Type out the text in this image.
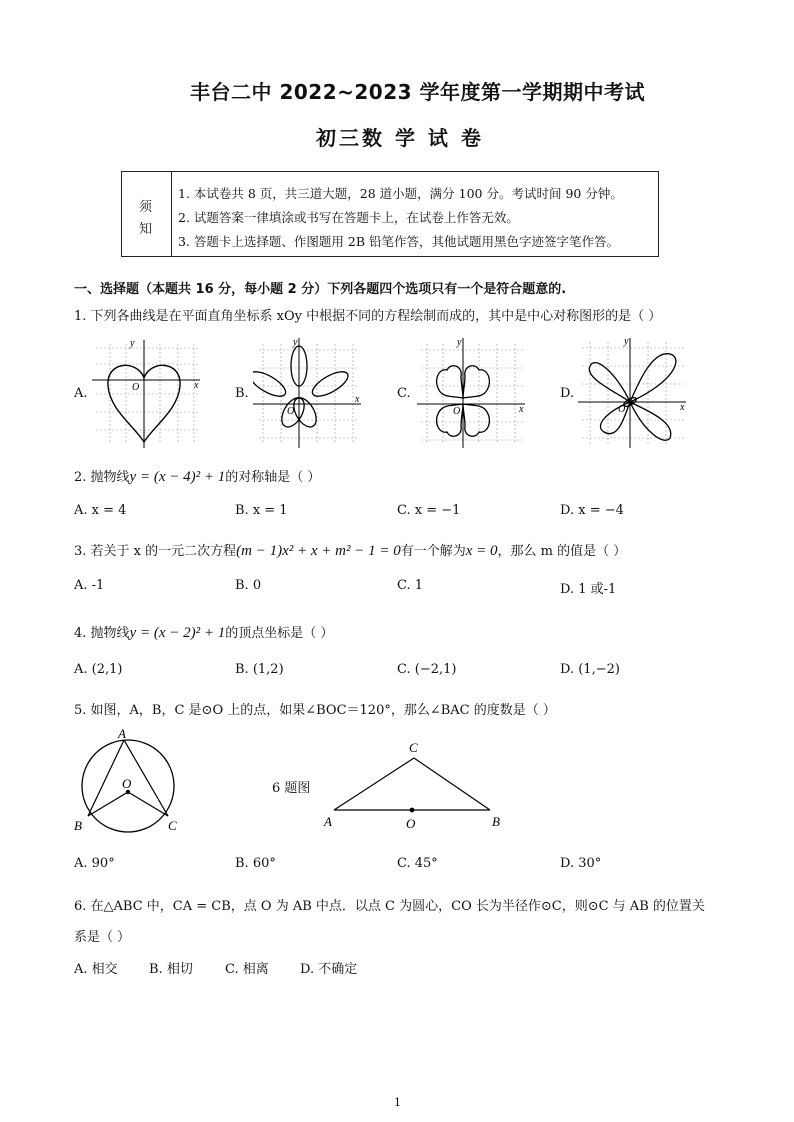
丰台二中 2022~2023 学年度第一学期期中考试
初三数 学 试 卷
须
知
1. 本试卷共 8 页，共三道大题，28 道小题，满分 100 分。考试时间 90 分钟。
2. 试题答案一律填涂或书写在答题卡上，在试卷上作答无效。
3. 答题卡上选择题、作图题用 2B 铅笔作答，其他试题用黑色字迹签字笔作答。
一、选择题（本题共 16 分，每小题 2 分）下列各题四个选项只有一个是符合题意的.
1. 下列各曲线是在平面直角坐标系 xOy 中根据不同的方程绘制而成的，其中是中心对称图形的是（ ）
A.	B.	C.	D.
y
x
O
y
x
O
y
x
O
y
x
O
2. 抛物线y = (x − 4)² + 1的对称轴是（ ）
A. x = 4	B. x = 1	C. x = −1	D. x = −4
3. 若关于 x 的一元二次方程(m − 1)x² + x + m² − 1 = 0有一个解为x = 0，那么 m 的值是（ ）
A. -1	B. 0	C. 1	D. 1 或-1
4. 抛物线y = (x − 2)² + 1的顶点坐标是（ ）
A. (2,1)	B. (1,2)	C. (−2,1)	D. (1,−2)
5. 如图，A，B，C 是⊙O 上的点，如果∠BOC＝120°，那么∠BAC 的度数是（ ）
A
O
B	C
6 题图
C
A	O	B
A. 90°	B. 60°	C. 45°	D. 30°
6. 在△ABC 中，CA = CB，点 O 为 AB 中点．以点 C 为圆心，CO 长为半径作⊙C，则⊙C 与 AB 的位置关
系是（ ）
A. 相交 B. 相切 C. 相离 D. 不确定
1
